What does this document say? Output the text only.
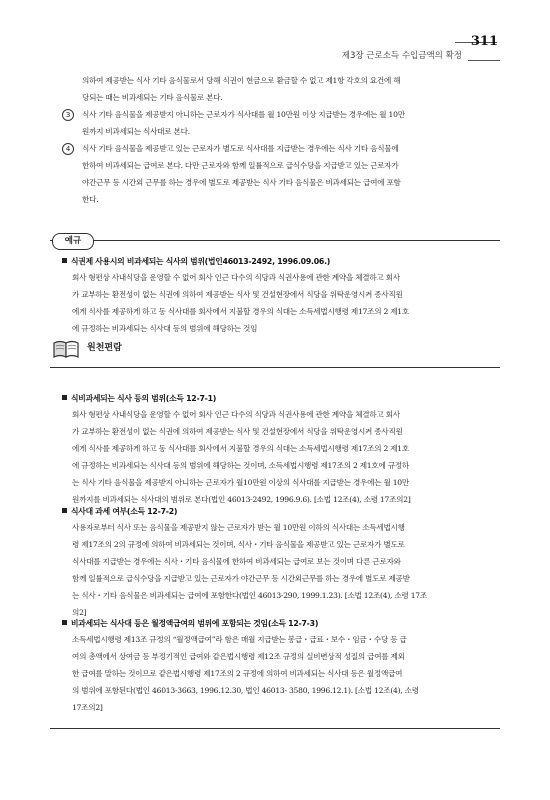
311
제3장 근로소득 수입금액의 확정

의하여 제공받는 식사 기타 음식물로서 당해 식권이 현금으로 환금할 수 없고 제1항 각호의 요건에 해

당되는 때는 비과세되는 기타 음식물로 본다.

3	식사 기타 음식물을 제공받지 아니하는 근로자가 식사대를 월 10만원 이상 지급받는 경우에는 월 10만

원까지 비과세되는 식사대로 본다.

4	식사 기타 음식물을 제공받고 있는 근로자가 별도로 식사대를 지급받는 경우에는 식사 기타 음식물에

한하여 비과세되는 급여로 본다. 다만 근로자와 함께 일률적으로 급식수당을 지급받고 있는 근로자가

야간근무 등 시간외 근무를 하는 경우에 별도로 제공받는 식사 기타 음식물은 비과세되는 급여에 포함

한다.

예규

식권제 사용시의 비과세되는 식사의 범위(법인46013-2492, 1996.09.06.)

회사 형편상 사내식당을 운영할 수 없어 회사 인근 다수의 식당과 식권사용에 관한 계약을 체결하고 회사

가 교부하는 환전성이 없는 식권에 의하여 제공받는 식사 및 건설현장에서 식당을 위탁운영시켜 종사직원

에게 식사를 제공하게 하고 동 식사대를 회사에서 지불할 경우의 식대는 소득세법시행령 제17조의 2 제1호

에 규정하는 비과세되는 식사대 등의 범위에 해당하는 것임

원천편람

식비과세되는 식사 등의 범위(소득 12-7-1)

회사 형편상 사내식당을 운영할 수 없어 회사 인근 다수의 식당과 식권사용에 관한 계약을 체결하고 회사

가 교부하는 환전성이 없는 식권에 의하여 제공받는 식사 및 건설현장에서 식당을 위탁운영시켜 종사직원

에게 식사를 제공하게 하고 동 식사대를 회사에서 지불할 경우의 식대는 소득세법시행령 제17조의 2 제1호

에 규정하는 비과세되는 식사대 등의 범위에 해당하는 것이며, 소득세법시행령 제17조의 2 제1호에 규정하

는 식사 기타 음식물을 제공받지 아니하는 근로자가 월10만원 이상의 식사대를 지급받는 경우에는 월 10만

원까지를 비과세되는 식사대의 범위로 본다(법인 46013-2492, 1996.9.6). [소법 12조(4), 소령 17조의2]

식사대 과세 여부(소득 12-7-2)

사용자로부터 식사 또는 음식물을 제공받지 않는 근로자가 받는 월 10만원 이하의 식사대는 소득세법시행

령 제17조의 2의 규정에 의하여 비과세되는 것이며, 식사・기타 음식물을 제공받고 있는 근로자가 별도로

식사대를 지급받는 경우에는 식사・기타 음식물에 한하여 비과세되는 급여로 보는 것이며 다른 근로자와

함께 일률적으로 급식수당을 지급받고 있는 근로자가 야간근무 등 시간외근무를 하는 경우에 별도로 제공받

는 식사・기타 음식물은 비과세되는 급여에 포함한다(법인 46013-290, 1999.1.23). [소법 12조(4), 소령 17조

의2]

비과세되는 식사대 등은 월정액급여의 범위에 포함되는 것임(소득 12-7-3)

소득세법시행령 제13조 규정의 “월정액급여”라 함은 매월 지급받는 봉급・급료・보수・임금・수당 등 급

여의 총액에서 상여금 등 부정기적인 급여와 같은법시행령 제12조 규정의 실비변상적 성질의 급여를 제외

한 급여를 말하는 것이므로 같은법시행령 제17조의 2 규정에 의하여 비과세되는 식사대 등은 월정액급여

의 범위에 포함된다(법인 46013-3663, 1996.12.30, 법인 46013- 3580, 1996.12.1). [소법 12조(4), 소령

17조의2]
